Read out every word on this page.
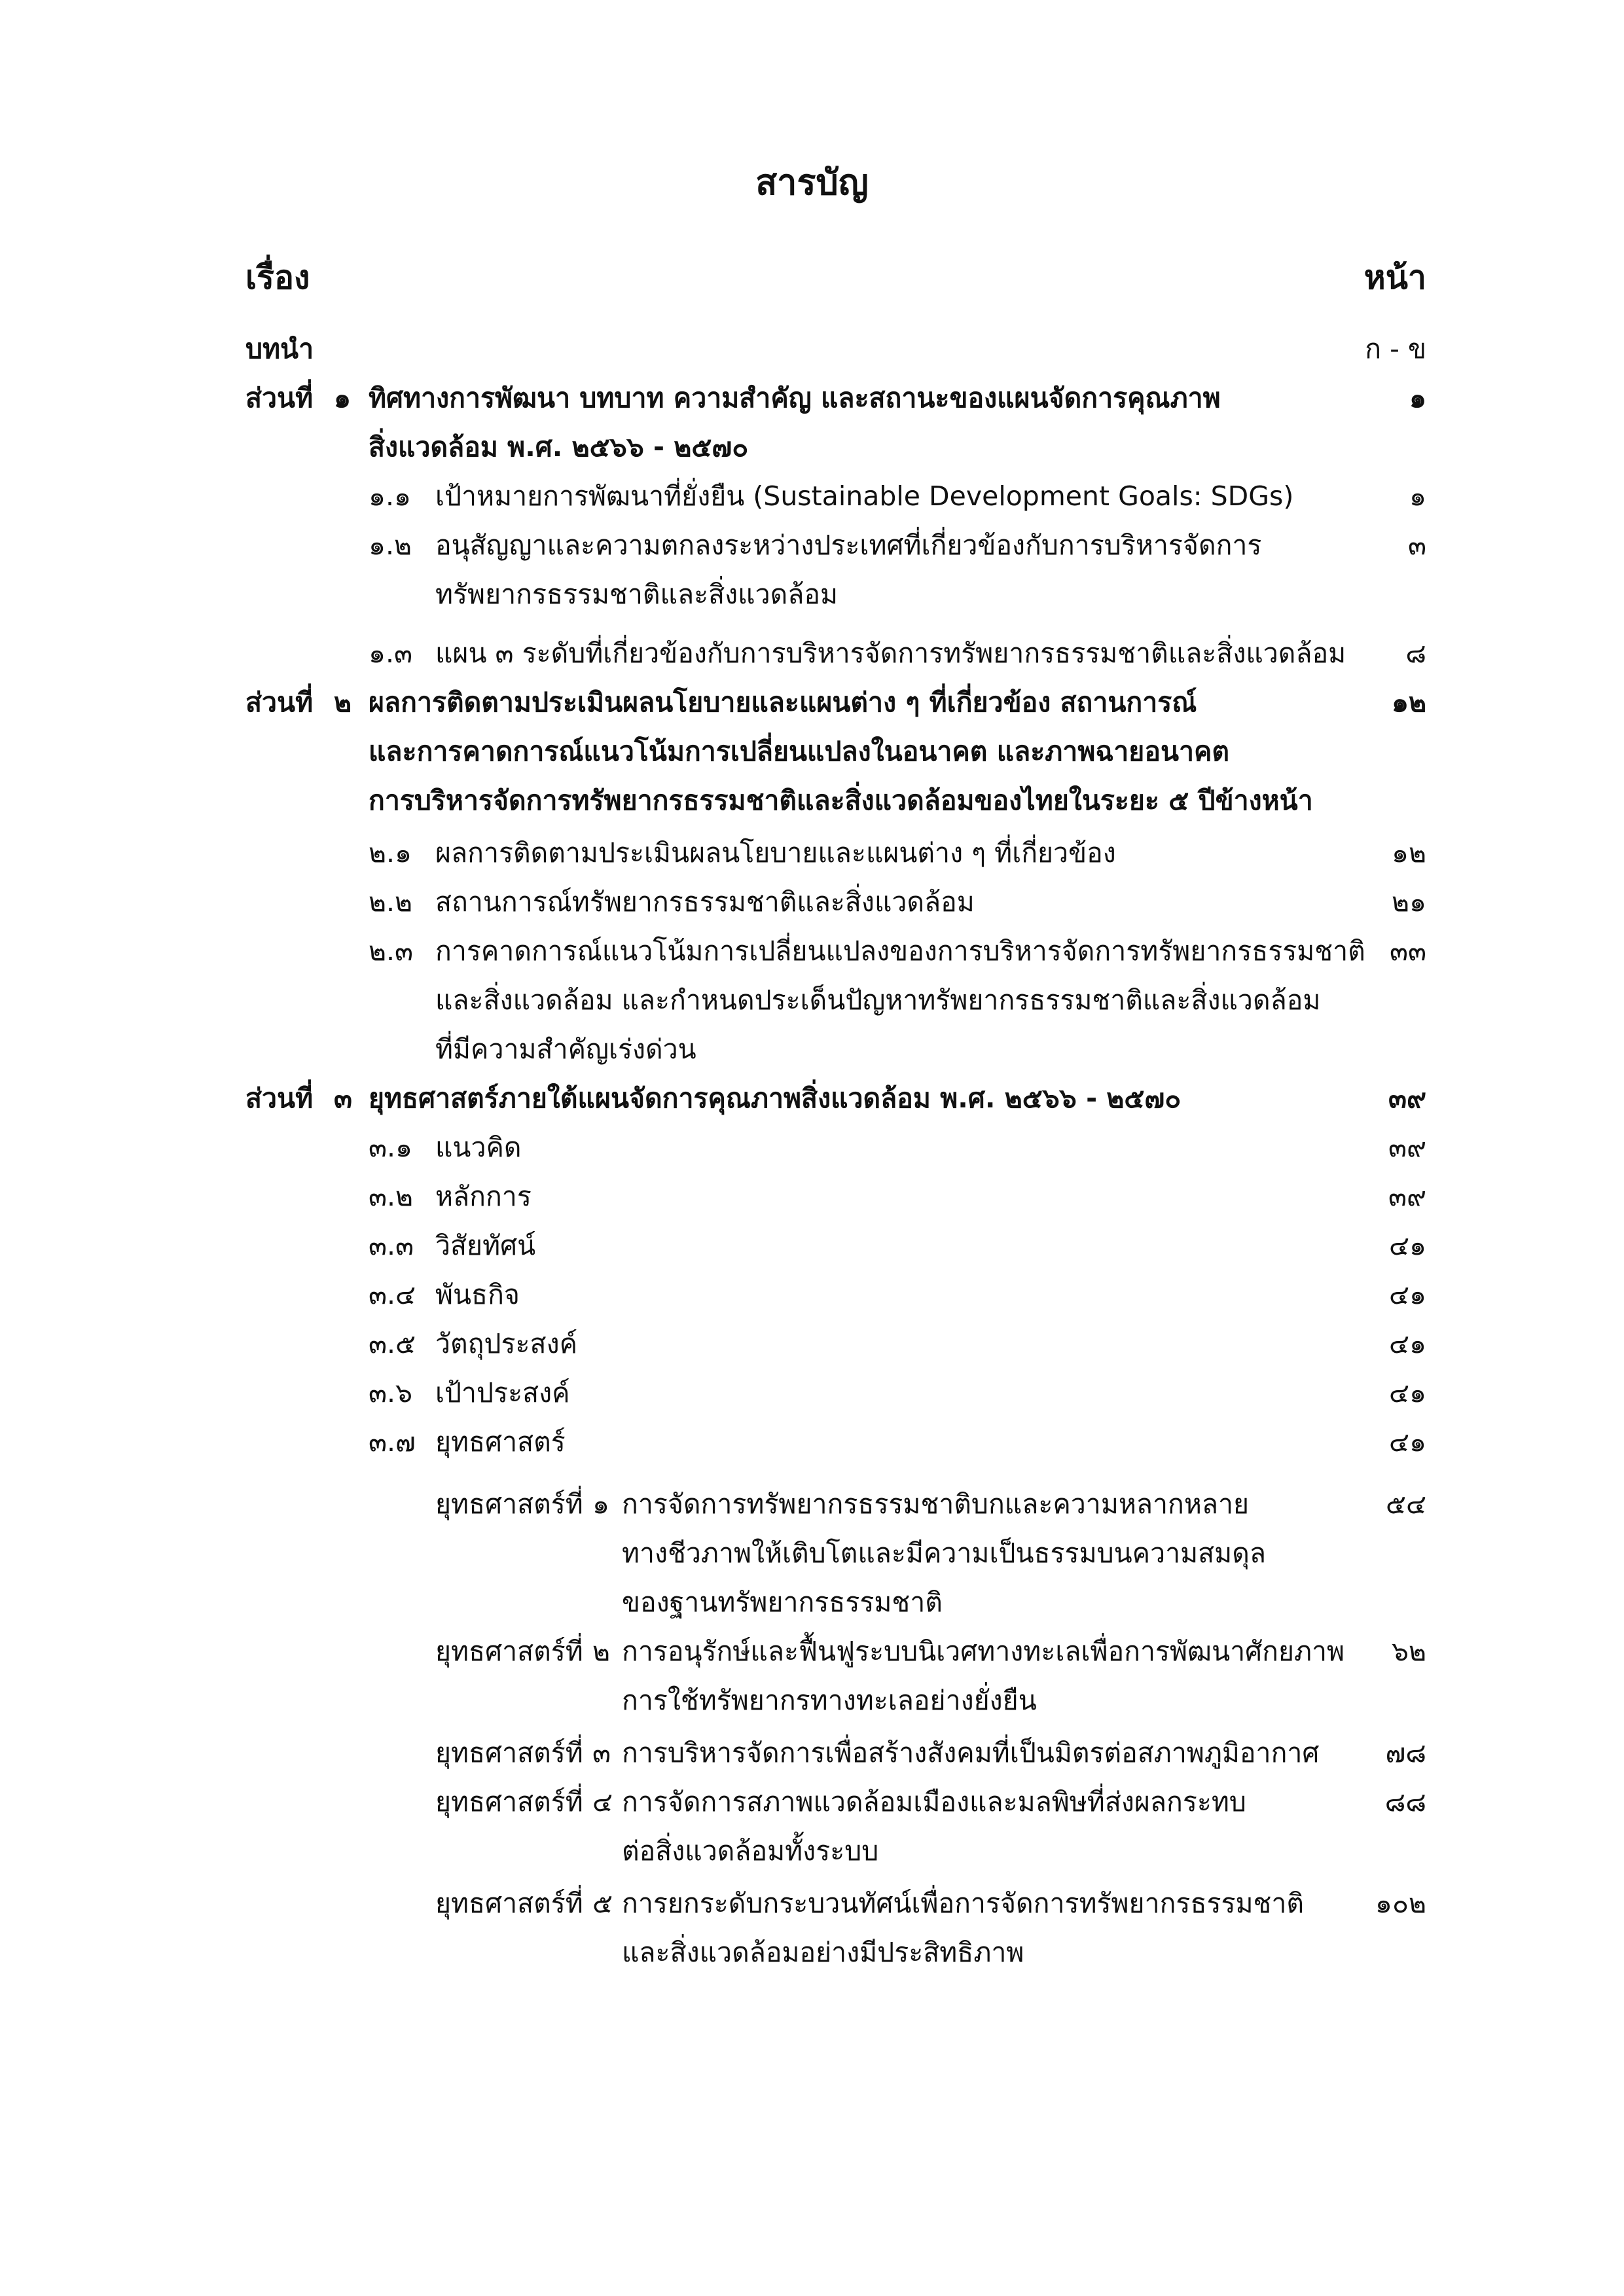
สารบัญ
เรื่อง	หน้า
บทนำ	ก - ข
ส่วนที่ ๑ ทิศทางการพัฒนา บทบาท ความสำคัญ และสถานะของแผนจัดการคุณภาพ	๑
สิ่งแวดล้อม พ.ศ. ๒๕๖๖ - ๒๕๗๐
๑.๑ เป้าหมายการพัฒนาที่ยั่งยืน (Sustainable Development Goals: SDGs)	๑
๑.๒ อนุสัญญาและความตกลงระหว่างประเทศที่เกี่ยวข้องกับการบริหารจัดการ	๓
ทรัพยากรธรรมชาติและสิ่งแวดล้อม
๑.๓ แผน ๓ ระดับที่เกี่ยวข้องกับการบริหารจัดการทรัพยากรธรรมชาติและสิ่งแวดล้อม ๘
ส่วนที่ ๒ ผลการติดตามประเมินผลนโยบายและแผนต่าง ๆ ที่เกี่ยวข้อง สถานการณ์	๑๒
และการคาดการณ์แนวโน้มการเปลี่ยนแปลงในอนาคต และภาพฉายอนาคต
การบริหารจัดการทรัพยากรธรรมชาติและสิ่งแวดล้อมของไทยในระยะ ๕ ปีข้างหน้า
๒.๑ ผลการติดตามประเมินผลนโยบายและแผนต่าง ๆ ที่เกี่ยวข้อง	๑๒
๒.๒ สถานการณ์ทรัพยากรธรรมชาติและสิ่งแวดล้อม	๒๑
๒.๓ การคาดการณ์แนวโน้มการเปลี่ยนแปลงของการบริหารจัดการทรัพยากรธรรมชาติ ๓๓
และสิ่งแวดล้อม และกำหนดประเด็นปัญหาทรัพยากรธรรมชาติและสิ่งแวดล้อม
ที่มีความสำคัญเร่งด่วน
ส่วนที่ ๓ ยุทธศาสตร์ภายใต้แผนจัดการคุณภาพสิ่งแวดล้อม พ.ศ. ๒๕๖๖ - ๒๕๗๐	๓๙
๓.๑ แนวคิด	๓๙
๓.๒ หลักการ	๓๙
๓.๓ วิสัยทัศน์	๔๑
๓.๔ พันธกิจ	๔๑
๓.๕ วัตถุประสงค์	๔๑
๓.๖ เป้าประสงค์	๔๑
๓.๗ ยุทธศาสตร์	๔๑
ยุทธศาสตร์ที่ ๑ การจัดการทรัพยากรธรรมชาติบกและความหลากหลาย	๕๔
ทางชีวภาพให้เติบโตและมีความเป็นธรรมบนความสมดุล
ของฐานทรัพยากรธรรมชาติ
ยุทธศาสตร์ที่ ๒ การอนุรักษ์และฟื้นฟูระบบนิเวศทางทะเลเพื่อการพัฒนาศักยภาพ ๖๒
การใช้ทรัพยากรทางทะเลอย่างยั่งยืน
ยุทธศาสตร์ที่ ๓ การบริหารจัดการเพื่อสร้างสังคมที่เป็นมิตรต่อสภาพภูมิอากาศ ๗๘
ยุทธศาสตร์ที่ ๔ การจัดการสภาพแวดล้อมเมืองและมลพิษที่ส่งผลกระทบ	๘๘
ต่อสิ่งแวดล้อมทั้งระบบ
ยุทธศาสตร์ที่ ๕ การยกระดับกระบวนทัศน์เพื่อการจัดการทรัพยากรธรรมชาติ	๑๐๒
และสิ่งแวดล้อมอย่างมีประสิทธิภาพ
